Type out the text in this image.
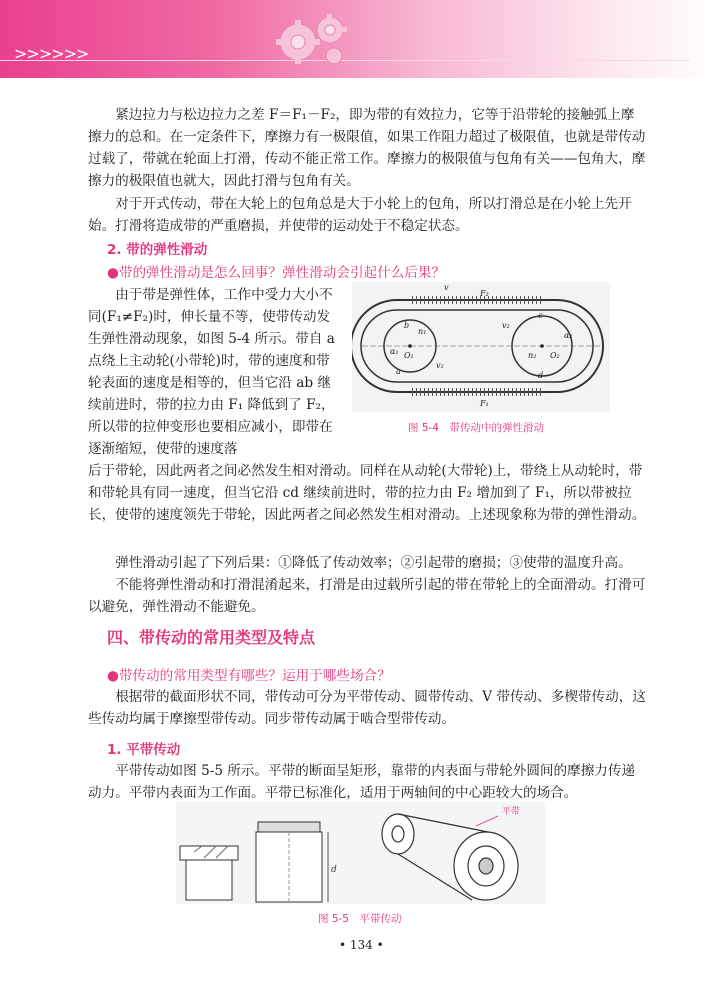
>>>>>>

紧边拉力与松边拉力之差 F＝F₁－F₂，即为带的有效拉力，它等于沿带轮的接触弧上摩擦力的总和。在一定条件下，摩擦力有一极限值，如果工作阻力超过了极限值，也就是带传动过载了，带就在轮面上打滑，传动不能正常工作。摩擦力的极限值与包角有关——包角大，摩擦力的极限值也就大，因此打滑与包角有关。

对于开式传动，带在大轮上的包角总是大于小轮上的包角，所以打滑总是在小轮上先开始。打滑将造成带的严重磨损，并使带的运动处于不稳定状态。

2. 带的弹性滑动
●带的弹性滑动是怎么回事？弹性滑动会引起什么后果？

由于带是弹性体，工作中受力大小不同(F₁≠F₂)时，伸长量不等，使带传动发生弹性滑动现象，如图 5-4 所示。带自 a 点绕上主动轮(小带轮)时，带的速度和带轮表面的速度是相等的，但当它沿 ab 继续前进时，带的拉力由 F₁ 降低到了 F₂，所以带的拉伸变形也要相应减小，即带在逐渐缩短，使带的速度落

v
F₂
F₁
O₁	O₂
n₁
n₂
α₁
α₂
v₂
v₁
a
b
c
d
图 5-4　带传动中的弹性滑动

后于带轮，因此两者之间必然发生相对滑动。同样在从动轮(大带轮)上，带绕上从动轮时，带和带轮具有同一速度，但当它沿 cd 继续前进时，带的拉力由 F₂ 增加到了 F₁，所以带被拉长，使带的速度领先于带轮，因此两者之间必然发生相对滑动。上述现象称为带的弹性滑动。

弹性滑动引起了下列后果：①降低了传动效率；②引起带的磨损；③使带的温度升高。

不能将弹性滑动和打滑混淆起来，打滑是由过载所引起的带在带轮上的全面滑动。打滑可以避免，弹性滑动不能避免。

四、带传动的常用类型及特点
●带传动的常用类型有哪些？运用于哪些场合？

根据带的截面形状不同，带传动可分为平带传动、圆带传动、V 带传动、多楔带传动，这些传动均属于摩擦型带传动。同步带传动属于啮合型带传动。

1. 平带传动

平带传动如图 5-5 所示。平带的断面呈矩形，靠带的内表面与带轮外圆间的摩擦力传递动力。平带内表面为工作面。平带已标准化，适用于两轴间的中心距较大的场合。

d
平带
图 5-5　平带传动
• 134 •
